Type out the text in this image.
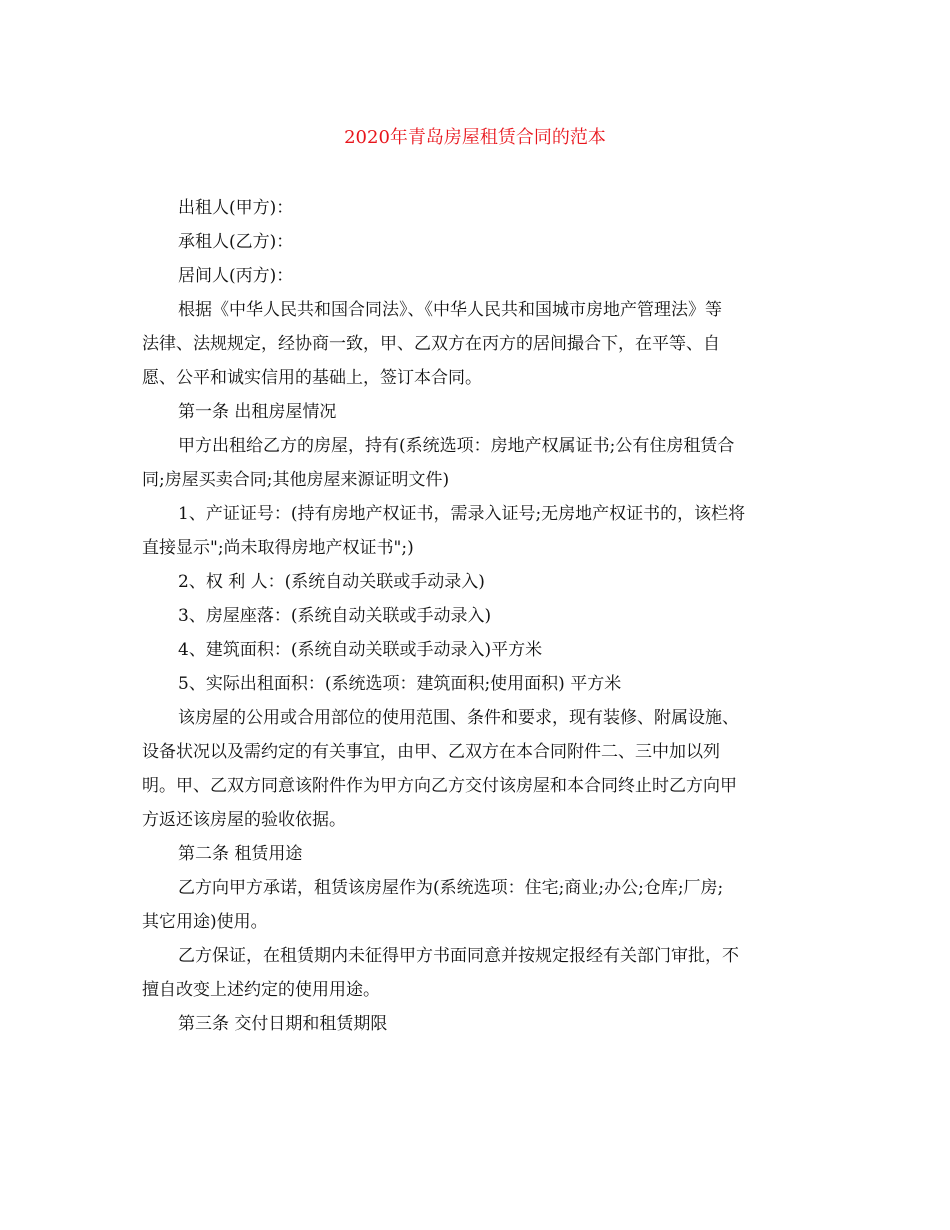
2020年青岛房屋租赁合同的范本
出租人(甲方)：
承租人(乙方)：
居间人(丙方)：
根据《中华人民共和国合同法》、《中华人民共和国城市房地产管理法》等
法律、法规规定，经协商一致，甲、乙双方在丙方的居间撮合下，在平等、自
愿、公平和诚实信用的基础上，签订本合同。
第一条 出租房屋情况
甲方出租给乙方的房屋，持有(系统选项：房地产权属证书;公有住房租赁合
同;房屋买卖合同;其他房屋来源证明文件)
1、产证证号：(持有房地产权证书，需录入证号;无房地产权证书的，该栏将
直接显示";尚未取得房地产权证书";)
2、权 利 人：(系统自动关联或手动录入)
3、房屋座落：(系统自动关联或手动录入)
4、建筑面积：(系统自动关联或手动录入)平方米
5、实际出租面积：(系统选项：建筑面积;使用面积) 平方米
该房屋的公用或合用部位的使用范围、条件和要求，现有装修、附属设施、
设备状况以及需约定的有关事宜，由甲、乙双方在本合同附件二、三中加以列
明。甲、乙双方同意该附件作为甲方向乙方交付该房屋和本合同终止时乙方向甲
方返还该房屋的验收依据。
第二条 租赁用途
乙方向甲方承诺，租赁该房屋作为(系统选项：住宅;商业;办公;仓库;厂房;
其它用途)使用。
乙方保证，在租赁期内未征得甲方书面同意并按规定报经有关部门审批，不
擅自改变上述约定的使用用途。
第三条 交付日期和租赁期限
